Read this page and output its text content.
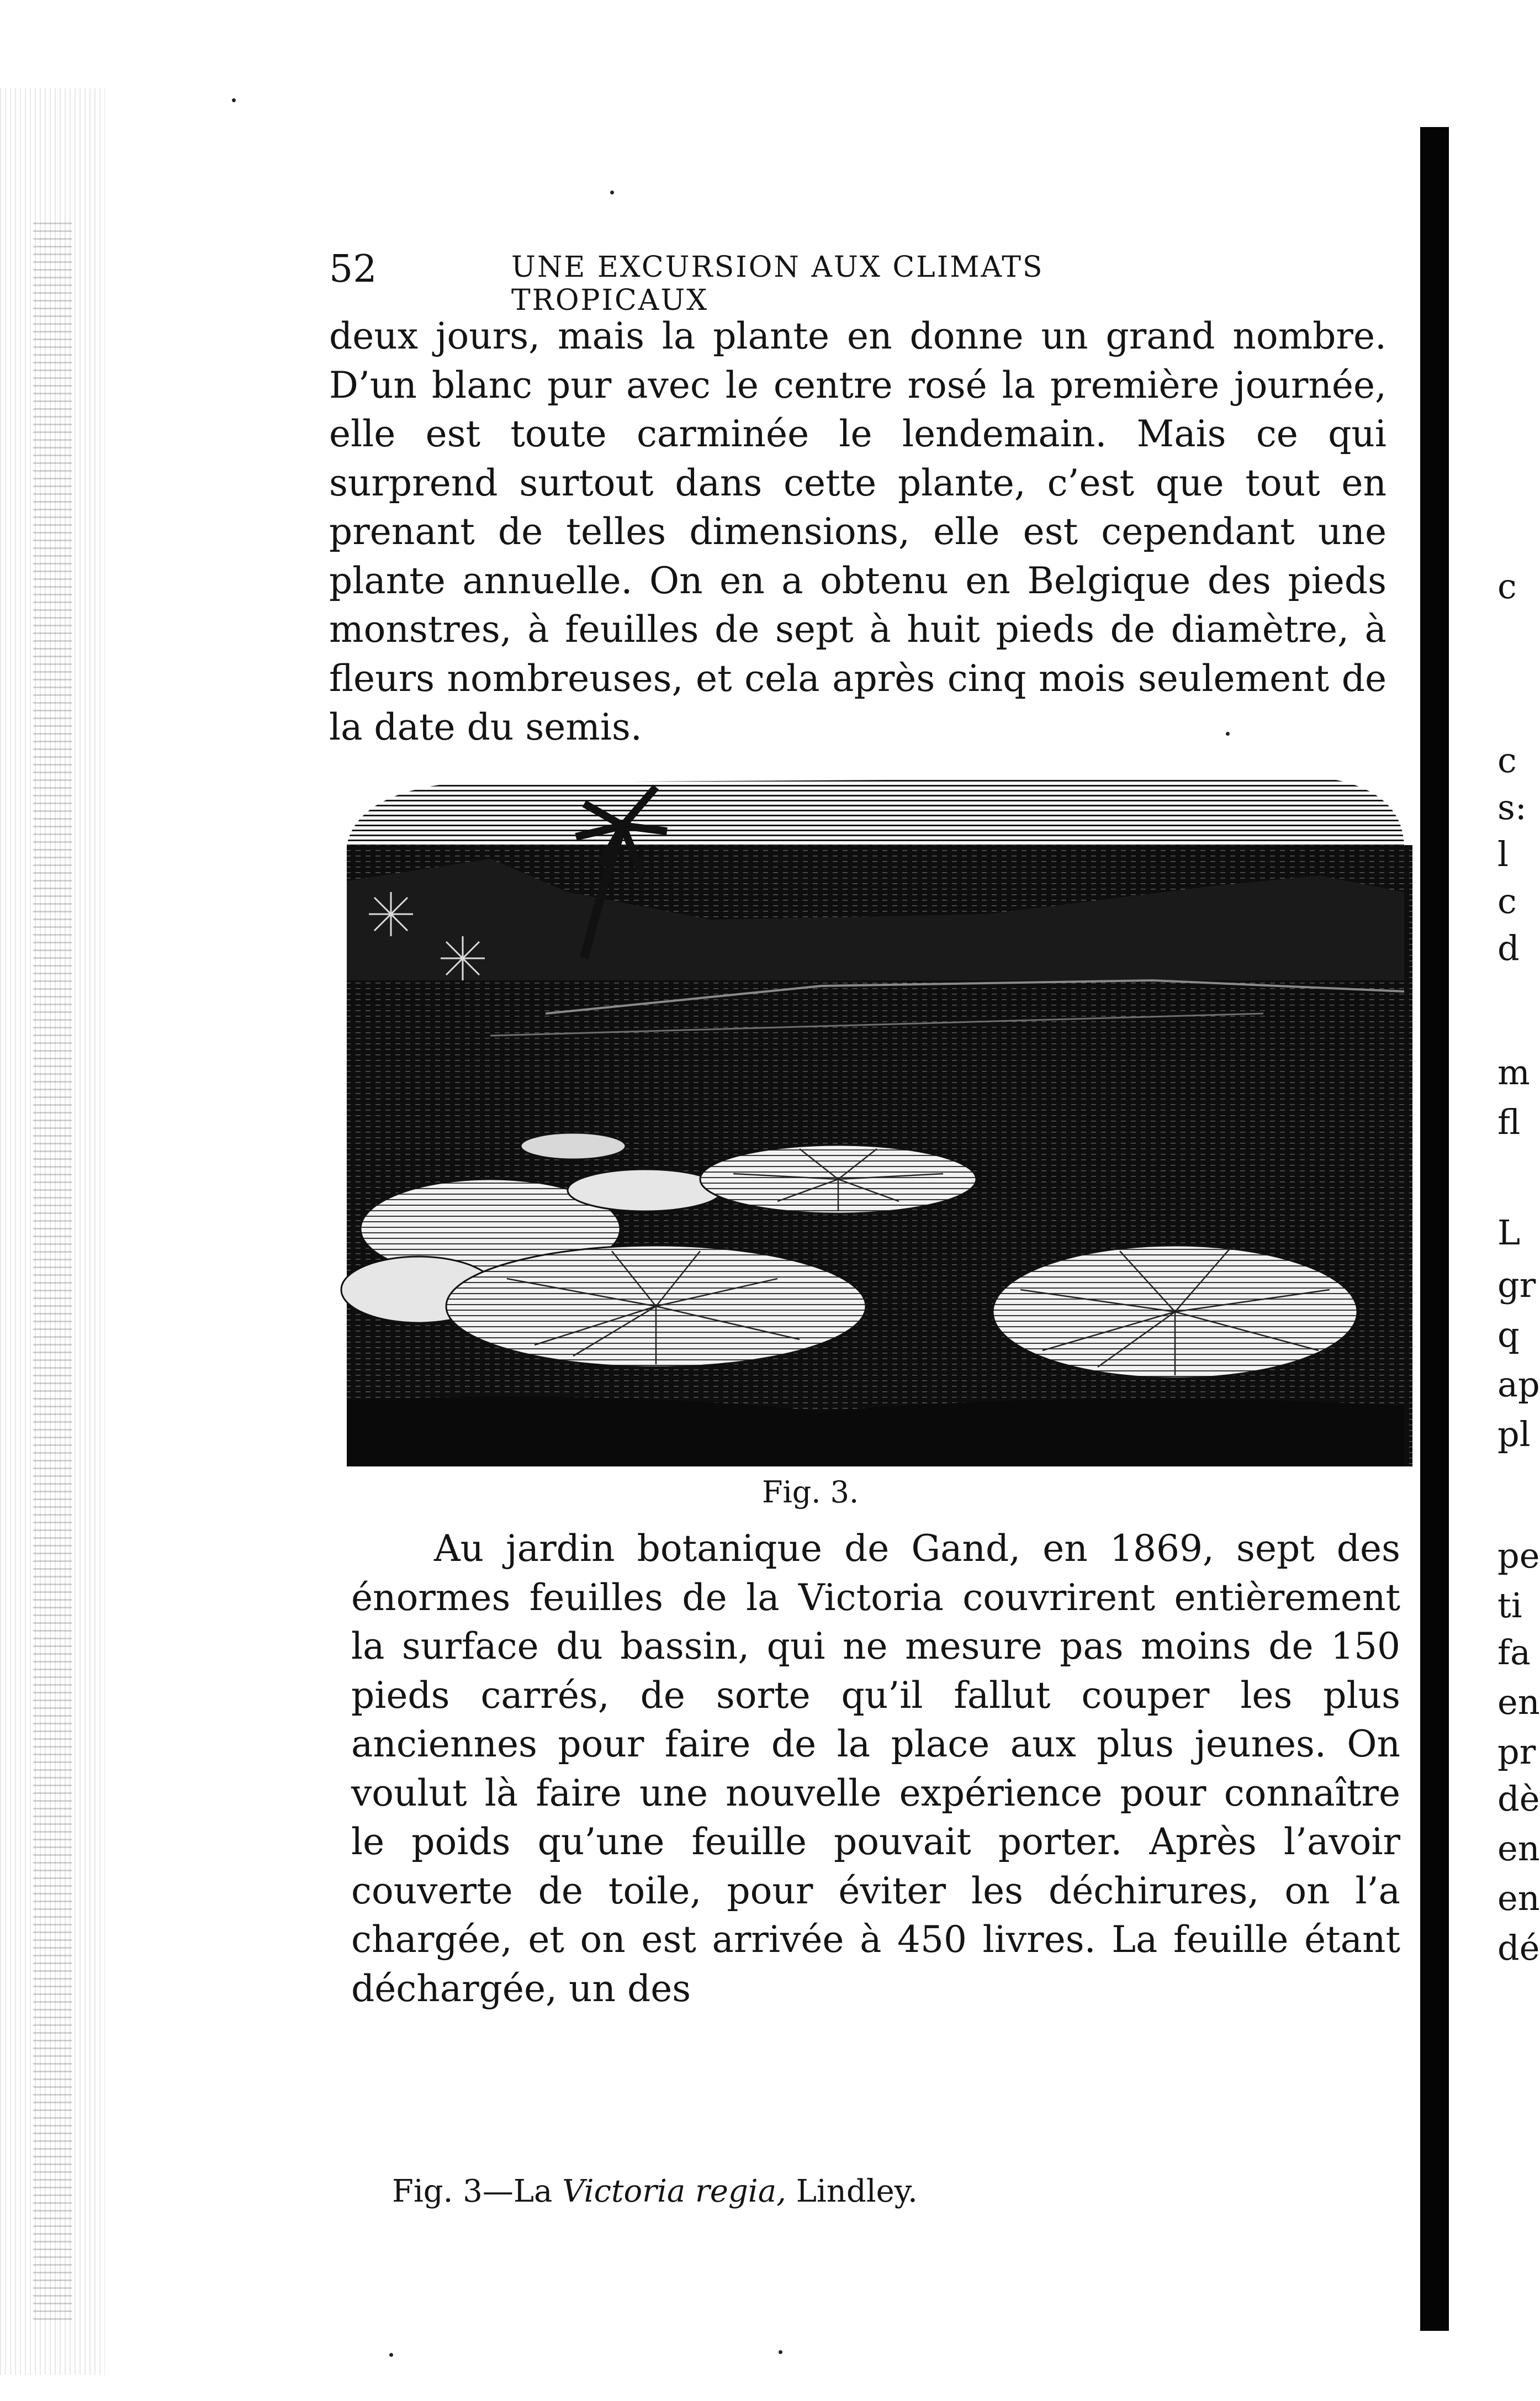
52	UNE EXCURSION AUX CLIMATS TROPICAUX

deux jours, mais la plante en donne un grand nombre. D’un blanc pur avec le centre rosé la première journée, elle est toute carminée le lendemain. Mais ce qui surprend surtout dans cette plante, c’est que tout en prenant de telles dimensions, elle est cependant une plante annuelle. On en a obtenu en Belgique des pieds monstres, à feuilles de sept à huit pieds de diamètre, à fleurs nombreuses, et cela après cinq mois seulement de la date du semis.

Fig. 3.

Au jardin botanique de Gand, en 1869, sept des énormes feuilles de la Victoria couvrirent entièrement la surface du bassin, qui ne mesure pas moins de 150 pieds carrés, de sorte qu’il fallut couper les plus anciennes pour faire de la place aux plus jeunes. On voulut là faire une nouvelle expérience pour connaître le poids qu’une feuille pouvait porter. Après l’avoir couverte de toile, pour éviter les déchirures, on l’a chargée, et on est arrivée à 450 livres. La feuille étant déchargée, un des

Fig. 3—La Victoria regia, Lindley.
c
c
s:
l
c
d
m
fl
L
gr
q
ap
pl
pe
ti
fa
en
pr
dè
en
en
dé
